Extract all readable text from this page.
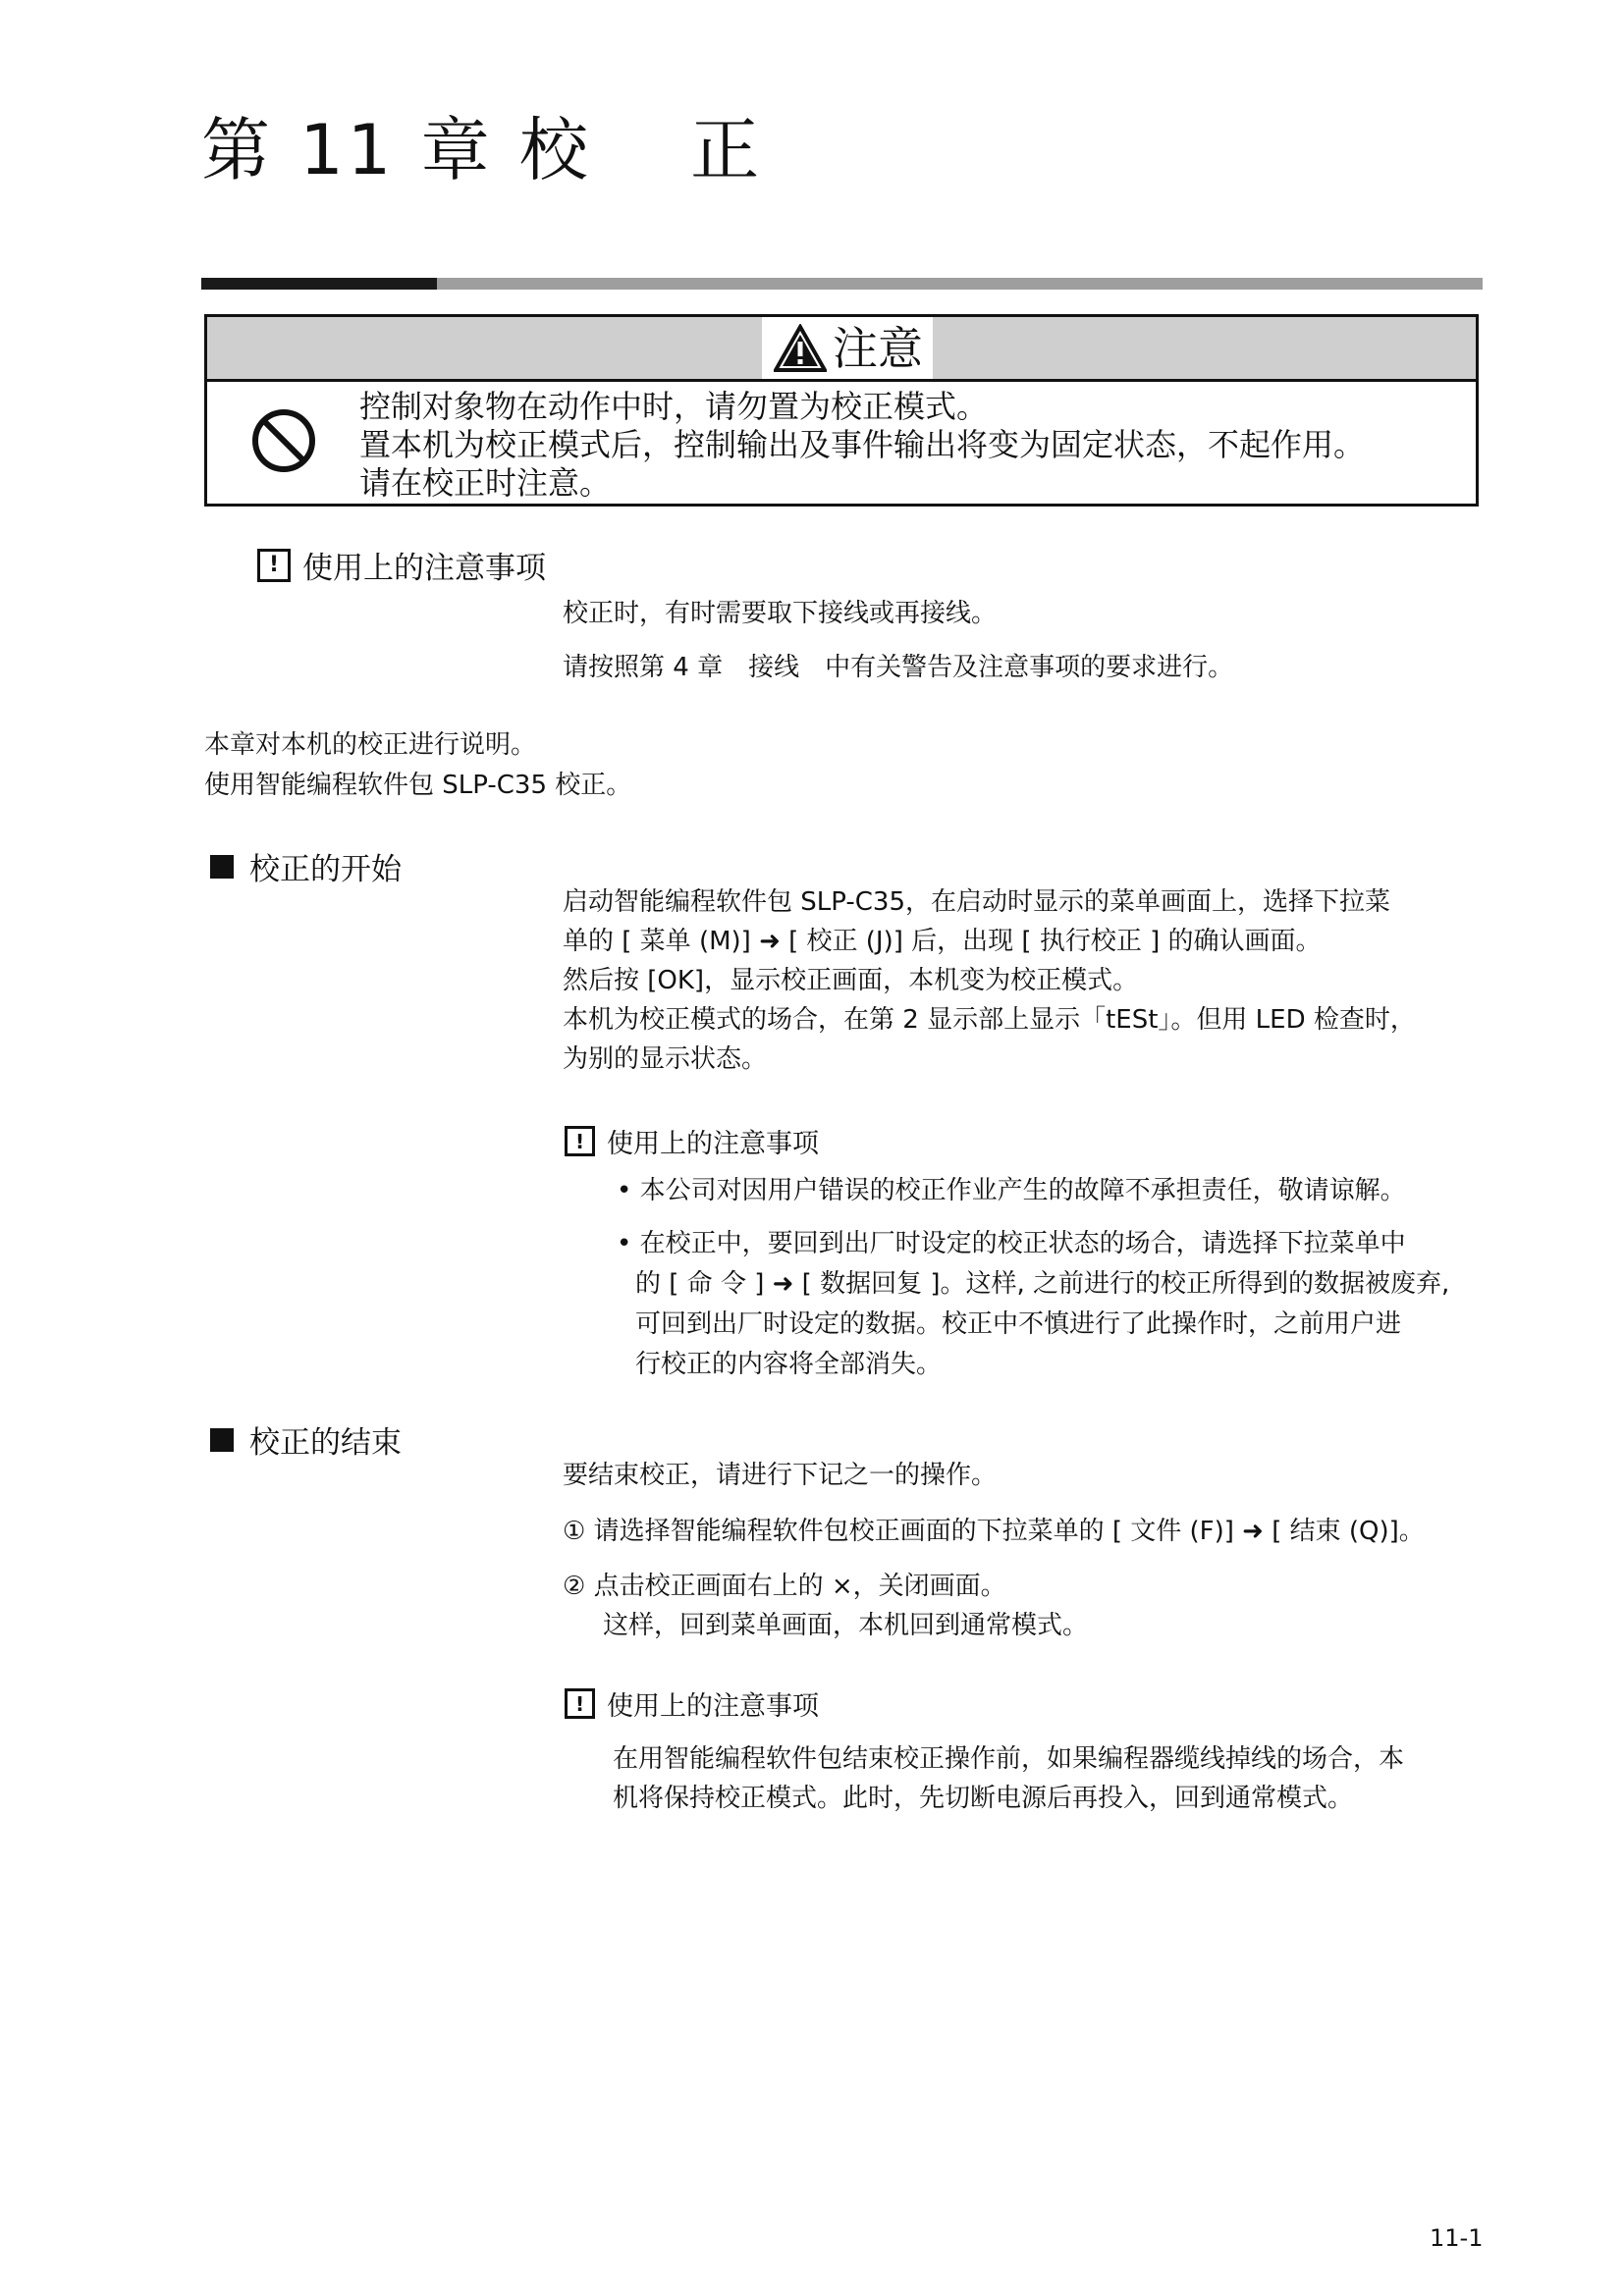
第 11 章 校　 正
注意
控制对象物在动作中时，请勿置为校正模式。
置本机为校正模式后，控制输出及事件输出将变为固定状态，不起作用。
请在校正时注意。
! 使用上的注意事项
校正时，有时需要取下接线或再接线。
请按照第 4 章　接线　中有关警告及注意事项的要求进行。
本章对本机的校正进行说明。
使用智能编程软件包 SLP-C35 校正。
校正的开始
启动智能编程软件包 SLP-C35，在启动时显示的菜单画面上，选择下拉菜
单的 [ 菜单 (M)] ➜ [ 校正 (J)] 后，出现 [ 执行校正 ] 的确认画面。
然后按 [OK]，显示校正画面，本机变为校正模式。
本机为校正模式的场合，在第 2 显示部上显示「tESt」。但用 LED 检查时，
为别的显示状态。
! 使用上的注意事项
• 本公司对因用户错误的校正作业产生的故障不承担责任，敬请谅解。
• 在校正中，要回到出厂时设定的校正状态的场合，请选择下拉菜单中
的 [ 命 令 ] ➜ [ 数据回复 ]。这样, 之前进行的校正所得到的数据被废弃,
可回到出厂时设定的数据。校正中不慎进行了此操作时，之前用户进
行校正的内容将全部消失。
校正的结束
要结束校正，请进行下记之一的操作。
① 请选择智能编程软件包校正画面的下拉菜单的 [ 文件 (F)] ➜ [ 结束 (Q)]。
② 点击校正画面右上的 ×，关闭画面。
这样，回到菜单画面，本机回到通常模式。
! 使用上的注意事项
在用智能编程软件包结束校正操作前，如果编程器缆线掉线的场合，本
机将保持校正模式。此时，先切断电源后再投入，回到通常模式。
11-1
